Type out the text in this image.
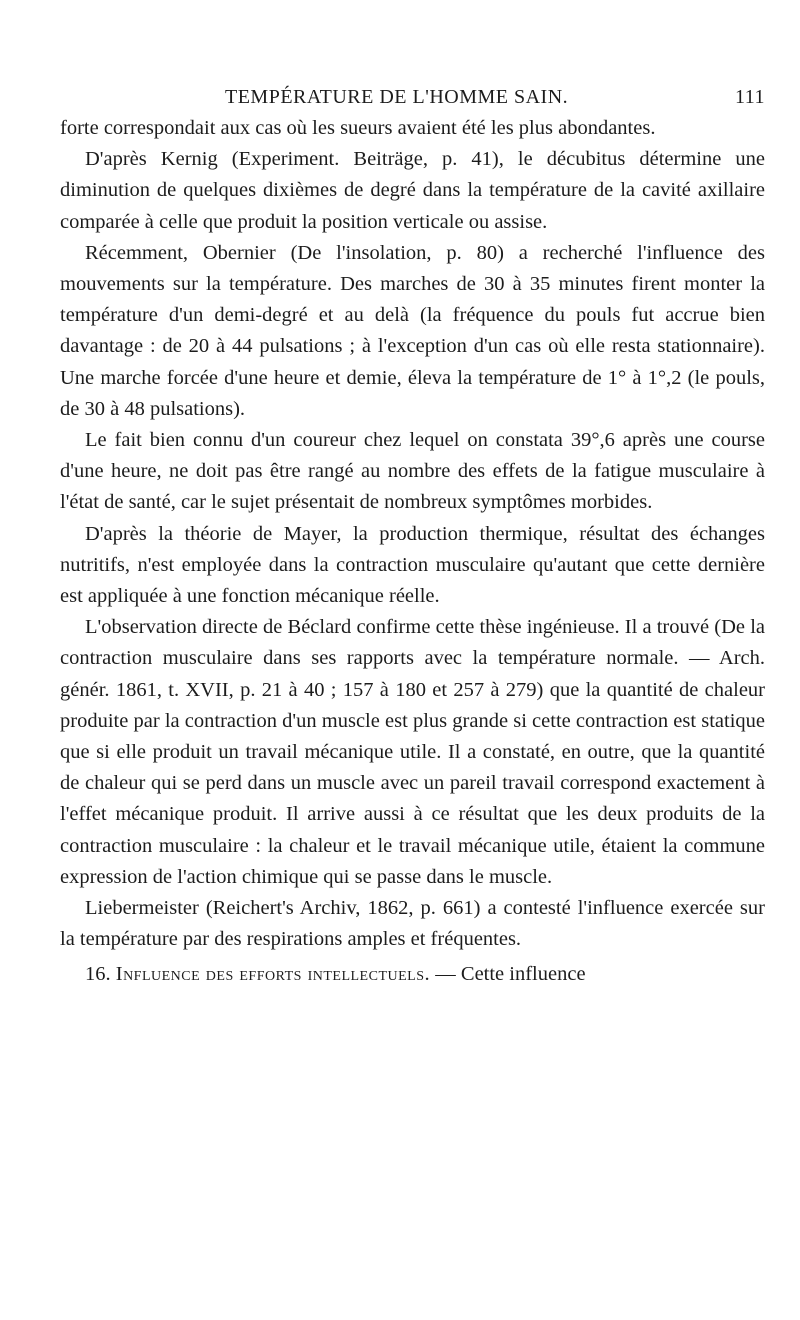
TEMPÉRATURE DE L'HOMME SAIN.	111

forte correspondait aux cas où les sueurs avaient été les plus abondantes.

D'après Kernig (Experiment. Beiträge, p. 41), le décubitus détermine une diminution de quelques dixièmes de degré dans la température de la cavité axillaire comparée à celle que produit la position verticale ou assise.

Récemment, Obernier (De l'insolation, p. 80) a recherché l'influence des mouvements sur la température. Des marches de 30 à 35 minutes firent monter la température d'un demi-degré et au delà (la fréquence du pouls fut accrue bien davantage : de 20 à 44 pulsations ; à l'exception d'un cas où elle resta stationnaire). Une marche forcée d'une heure et demie, éleva la température de 1° à 1°,2 (le pouls, de 30 à 48 pulsations).

Le fait bien connu d'un coureur chez lequel on constata 39°,6 après une course d'une heure, ne doit pas être rangé au nombre des effets de la fatigue musculaire à l'état de santé, car le sujet présentait de nombreux symptômes morbides.

D'après la théorie de Mayer, la production thermique, résultat des échanges nutritifs, n'est employée dans la contraction musculaire qu'autant que cette dernière est appliquée à une fonction mécanique réelle.

L'observation directe de Béclard confirme cette thèse ingénieuse. Il a trouvé (De la contraction musculaire dans ses rapports avec la température normale. — Arch. génér. 1861, t. XVII, p. 21 à 40 ; 157 à 180 et 257 à 279) que la quantité de chaleur produite par la contraction d'un muscle est plus grande si cette contraction est statique que si elle produit un travail mécanique utile. Il a constaté, en outre, que la quantité de chaleur qui se perd dans un muscle avec un pareil travail correspond exactement à l'effet mécanique produit. Il arrive aussi à ce résultat que les deux produits de la contraction musculaire : la chaleur et le travail mécanique utile, étaient la commune expression de l'action chimique qui se passe dans le muscle.

Liebermeister (Reichert's Archiv, 1862, p. 661) a contesté l'influence exercée sur la température par des respirations amples et fréquentes.

16. Influence des efforts intellectuels. — Cette influence
